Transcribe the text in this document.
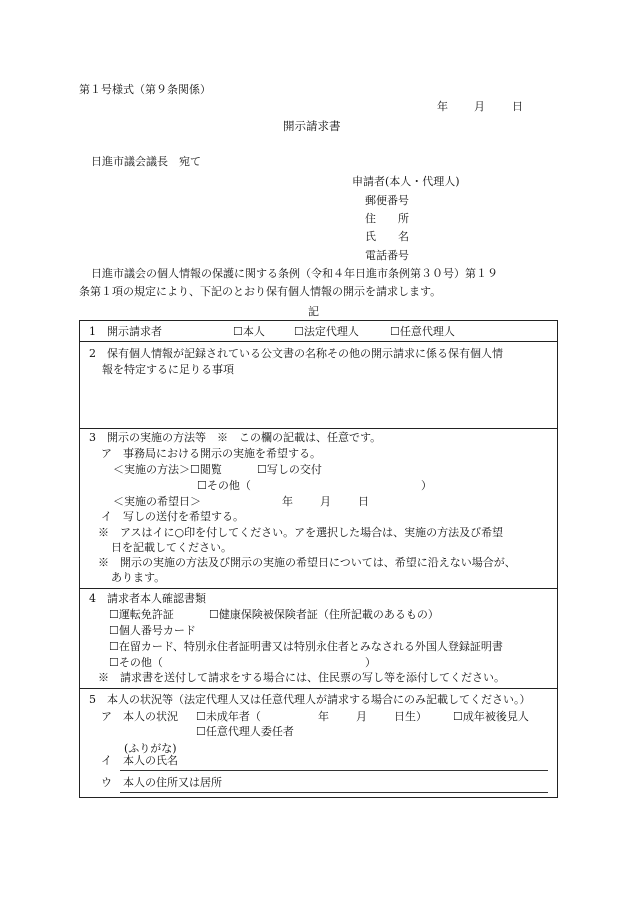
第１号様式（第９条関係）
年 月 日
開示請求書
日進市議会議長　宛て
申請者(本人・代理人)
郵便番号
住　　所
氏　　名
電話番号
日進市議会の個人情報の保護に関する条例（令和４年日進市条例第３０号）第１９
条第１項の規定により、下記のとおり保有個人情報の開示を請求します。
記
1　開示請求者	☐本人	☐法定代理人	☐任意代理人
2　保有個人情報が記録されている公文書の名称その他の開示請求に係る保有個人情
報を特定するに足りる事項
3　開示の実施の方法等　※　この欄の記載は、任意です。
ア　事務局における開示の実施を希望する。
＜実施の方法＞☐閲覧	☐写しの交付
☐その他（	）
＜実施の希望日＞	年 月 日
イ　写しの送付を希望する。
※　アスはイに○印を付してください。アを選択した場合は、実施の方法及び希望
日を記載してください。
※　開示の実施の方法及び開示の実施の希望日については、希望に沿えない場合が、
あります。
4　請求者本人確認書類
☐運転免許証	☐健康保険被保険者証（住所記載のあるもの）
☐個人番号カード
☐在留カード、特別永住者証明書又は特別永住者とみなされる外国人登録証明書
☐その他（	）
※　請求書を送付して請求をする場合には、住民票の写し等を添付してください。
5　本人の状況等（法定代理人又は任意代理人が請求する場合にのみ記載してください。）
ア　本人の状況 ☐未成年者（	年 月 日生） ☐成年被後見人
☐任意代理人委任者
(ふりがな)
イ　本人の氏名
ウ　本人の住所又は居所
